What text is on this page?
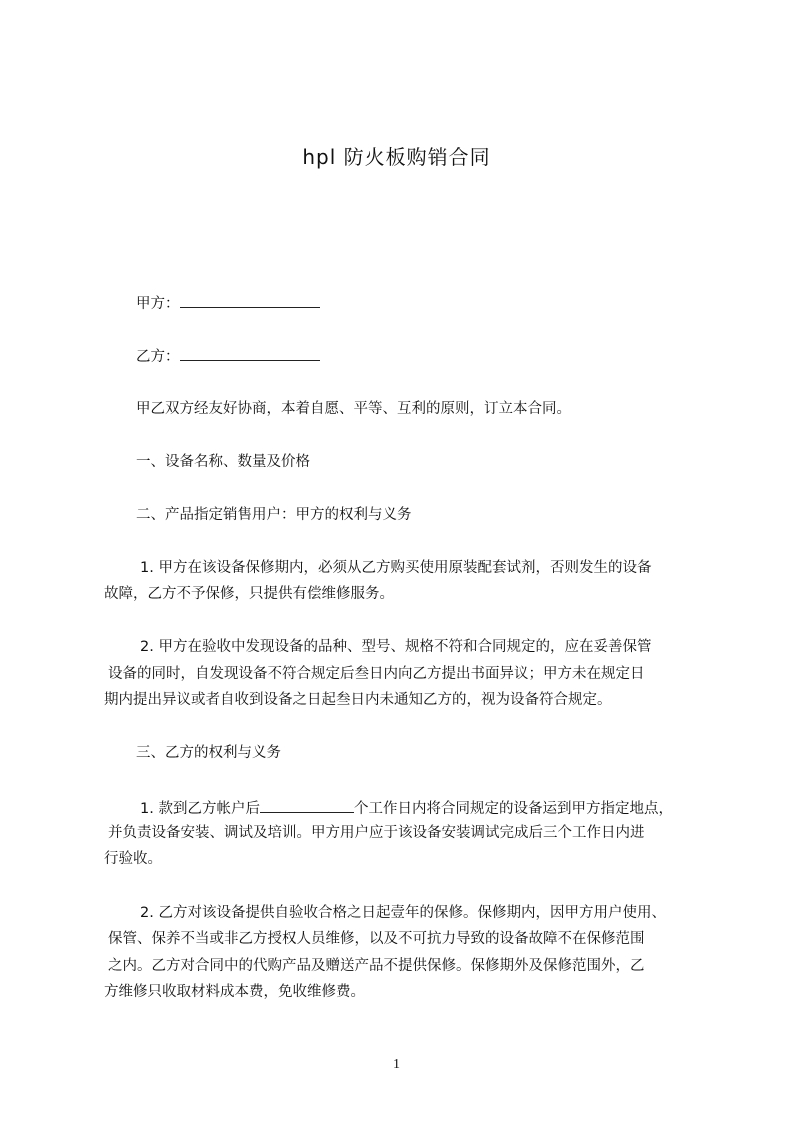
hpl 防火板购销合同

甲方：

乙方：

甲乙双方经友好协商，本着自愿、平等、互利的原则，订立本合同。

一、设备名称、数量及价格

二、产品指定销售用户：甲方的权利与义务

1. 甲方在该设备保修期内，必须从乙方购买使用原装配套试剂，否则发生的设备

故障，乙方不予保修，只提供有偿维修服务。

2. 甲方在验收中发现设备的品种、型号、规格不符和合同规定的，应在妥善保管

设备的同时，自发现设备不符合规定后叁日内向乙方提出书面异议；甲方未在规定日

期内提出异议或者自收到设备之日起叁日内未通知乙方的，视为设备符合规定。

三、乙方的权利与义务

1. 款到乙方帐户后	个工作日内将合同规定的设备运到甲方指定地点，

并负责设备安装、调试及培训。甲方用户应于该设备安装调试完成后三个工作日内进

行验收。

2. 乙方对该设备提供自验收合格之日起壹年的保修。保修期内，因甲方用户使用、

保管、保养不当或非乙方授权人员维修，以及不可抗力导致的设备故障不在保修范围

之内。乙方对合同中的代购产品及赠送产品不提供保修。保修期外及保修范围外，乙

方维修只收取材料成本费，免收维修费。

1
